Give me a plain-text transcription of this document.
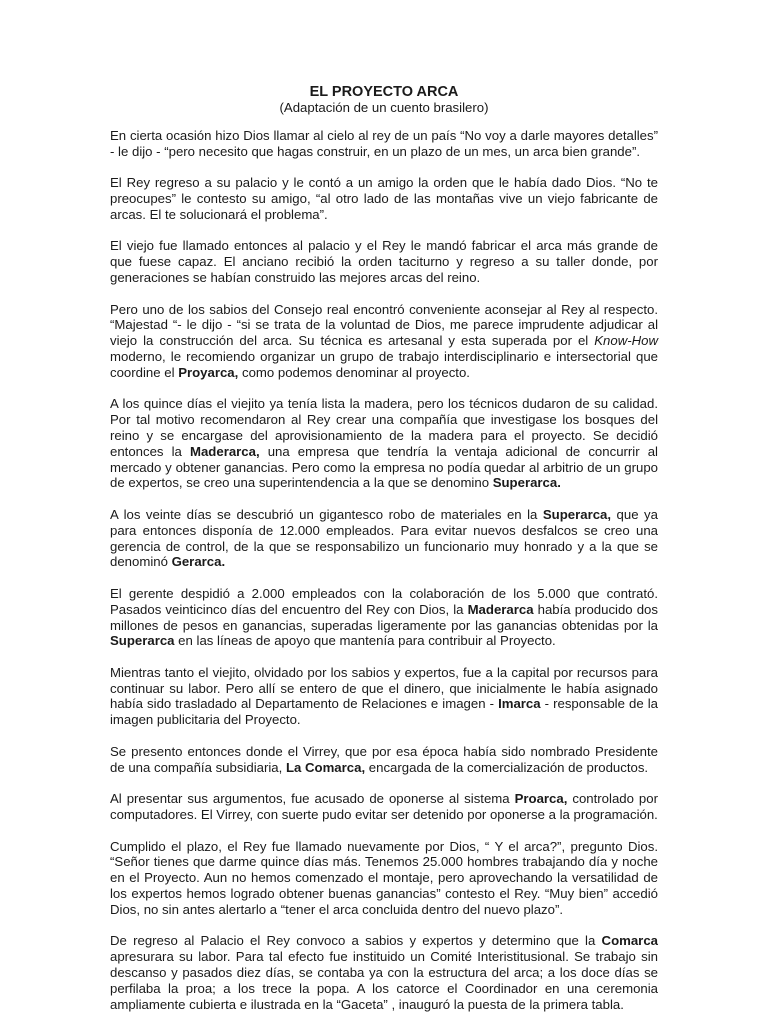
EL PROYECTO ARCA

(Adaptación de un cuento brasilero)

En cierta ocasión hizo Dios llamar al cielo al rey de un país “No voy a darle mayores detalles” - le dijo - “pero necesito que hagas construir, en un plazo de un mes, un arca bien grande”.

El Rey regreso a su palacio y le contó a un amigo la orden que le había dado Dios. “No te preocupes” le contesto su amigo, “al otro lado de las montañas vive un viejo fabricante de arcas. El te solucionará el problema”.

El viejo fue llamado entonces al palacio y el Rey le mandó fabricar el arca más grande de que fuese capaz. El anciano recibió la orden taciturno y regreso a su taller donde, por generaciones se habían construido las mejores arcas del reino.

Pero uno de los sabios del Consejo real encontró conveniente aconsejar al Rey al respecto. “Majestad “- le dijo - “si se trata de la voluntad de Dios, me parece imprudente adjudicar al viejo la construcción del arca. Su técnica es artesanal y esta superada por el Know-How moderno, le recomiendo organizar un grupo de trabajo interdisciplinario e intersectorial que coordine el Proyarca, como podemos denominar al proyecto.

A los quince días el viejito ya tenía lista la madera, pero los técnicos dudaron de su calidad. Por tal motivo recomendaron al Rey crear una compañía que investigase los bosques del reino y se encargase del aprovisionamiento de la madera para el proyecto. Se decidió entonces la Maderarca, una empresa que tendría la ventaja adicional de concurrir al mercado y obtener ganancias. Pero como la empresa no podía quedar al arbitrio de un grupo de expertos, se creo una superintendencia a la que se denomino Superarca.

A los veinte días se descubrió un gigantesco robo de materiales en la Superarca, que ya para entonces disponía de 12.000 empleados. Para evitar nuevos desfalcos se creo una gerencia de control, de la que se responsabilizo un funcionario muy honrado y a la que se denominó Gerarca.

El gerente despidió a 2.000 empleados con la colaboración de los 5.000 que contrató. Pasados veinticinco días del encuentro del Rey con Dios, la Maderarca había producido dos millones de pesos en ganancias, superadas ligeramente por las ganancias obtenidas por la Superarca en las líneas de apoyo que mantenía para contribuir al Proyecto.

Mientras tanto el viejito, olvidado por los sabios y expertos, fue a la capital por recursos para continuar su labor. Pero allí se entero de que el dinero, que inicialmente le había asignado había sido trasladado al Departamento de Relaciones e imagen - Imarca - responsable de la imagen publicitaria del Proyecto.

Se presento entonces donde el Virrey, que por esa época había sido nombrado Presidente de una compañía subsidiaria, La Comarca, encargada de la comercialización de productos.

Al presentar sus argumentos, fue acusado de oponerse al sistema Proarca, controlado por computadores. El Virrey, con suerte pudo evitar ser detenido por oponerse a la programación.

Cumplido el plazo, el Rey fue llamado nuevamente por Dios, “ Y el arca?”, pregunto Dios. “Señor tienes que darme quince días más. Tenemos 25.000 hombres trabajando día y noche en el Proyecto. Aun no hemos comenzado el montaje, pero aprovechando la versatilidad de los expertos hemos logrado obtener buenas ganancias” contesto el Rey. “Muy bien” accedió Dios, no sin antes alertarlo a “tener el arca concluida dentro del nuevo plazo”.

De regreso al Palacio el Rey convoco a sabios y expertos y determino que la Comarca apresurara su labor. Para tal efecto fue instituido un Comité Interistitusional. Se trabajo sin descanso y pasados diez días, se contaba ya con la estructura del arca; a los doce días se perfilaba la proa; a los trece la popa. A los catorce el Coordinador en una ceremonia ampliamente cubierta e ilustrada en la “Gaceta” , inauguró la puesta de la primera tabla.
